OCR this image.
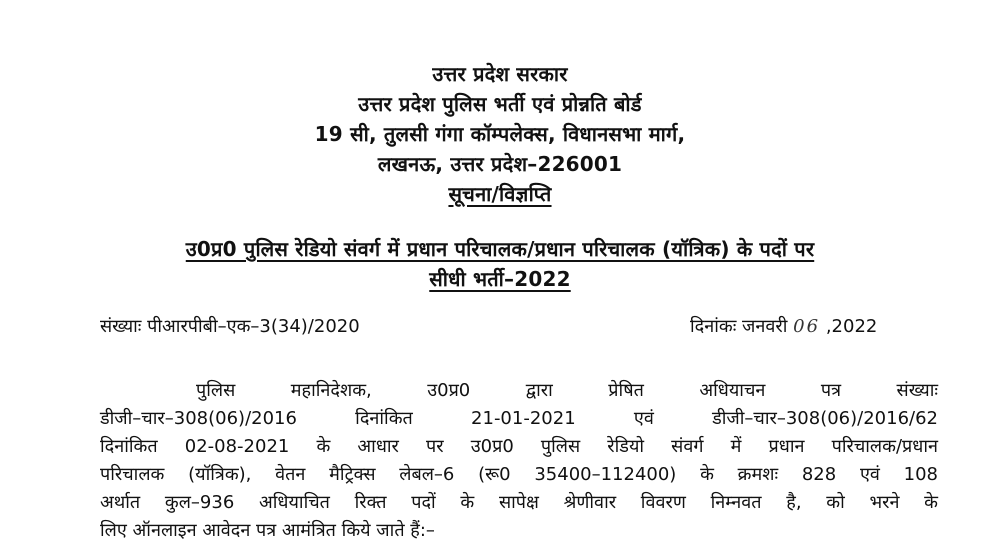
उत्तर प्रदेश सरकार
उत्तर प्रदेश पुलिस भर्ती एवं प्रोन्नति बोर्ड
19 सी, तुलसी गंगा कॉम्पलेक्स, विधानसभा मार्ग,
लखनऊ, उत्तर प्रदेश–226001
सूचना/विज्ञप्ति
उ0प्र0 पुलिस रेडियो संवर्ग में प्रधान परिचालक/प्रधान परिचालक (यॉत्रिक) के पदों पर
सीधी भर्ती–2022
संख्याः पीआरपीबी–एक–3(34)/2020	दिनांकः जनवरी 06 ,2022
पुलिस महानिदेशक, उ0प्र0 द्वारा प्रेषित अधियाचन पत्र संख्याः
डीजी–चार–308(06)/2016 दिनांकित 21-01-2021 एवं डीजी–चार–308(06)/2016/62
दिनांकित 02-08-2021 के आधार पर उ0प्र0 पुलिस रेडियो संवर्ग में प्रधान परिचालक/प्रधान
परिचालक (यॉत्रिक), वेतन मैट्रिक्स लेबल–6 (रू0 35400–112400) के क्रमशः 828 एवं 108
अर्थात कुल–936 अधियाचित रिक्त पदों के सापेक्ष श्रेणीवार विवरण निम्नवत है, को भरने के
लिए ऑनलाइन आवेदन पत्र आमंत्रित किये जाते हैं:–
